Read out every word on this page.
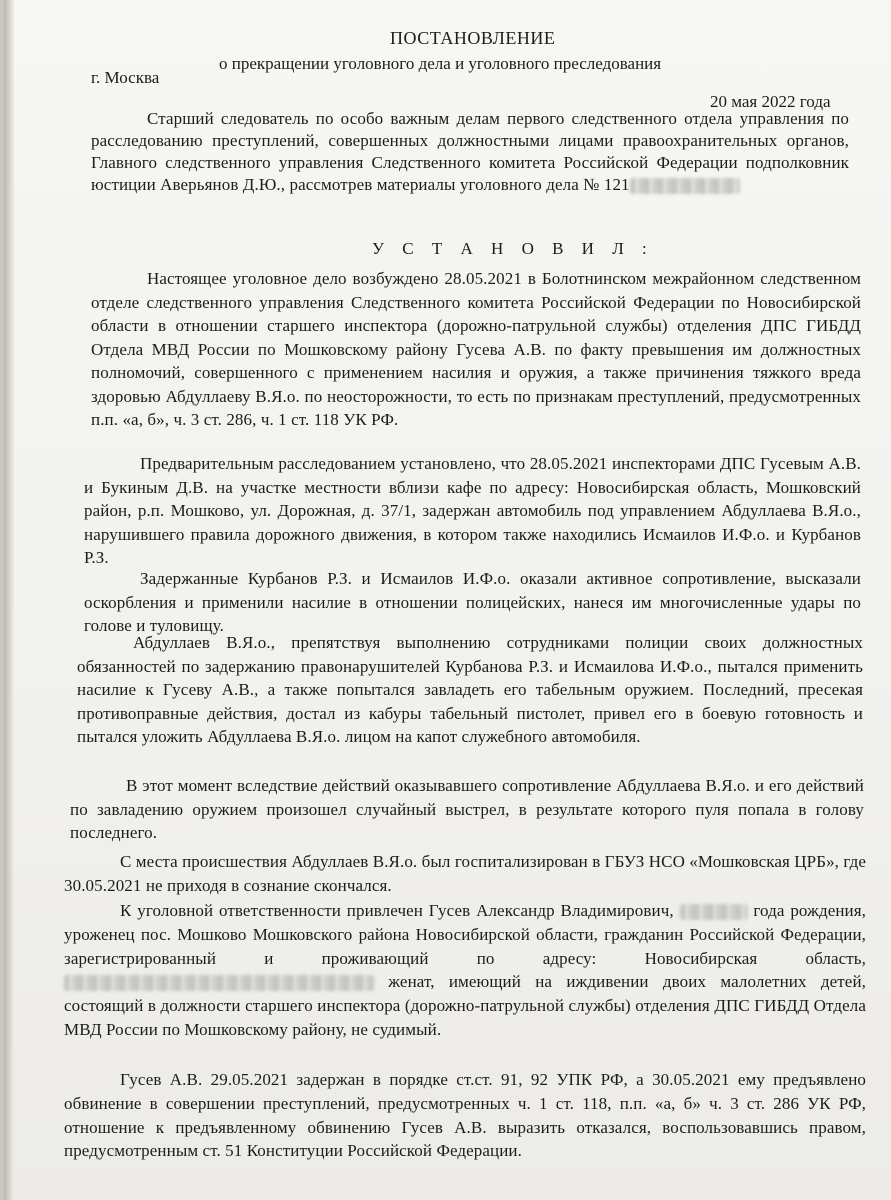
ПОСТАНОВЛЕНИЕ
о прекращении уголовного дела и уголовного преследования
г. Москва
20 мая 2022 года

Старший следователь по особо важным делам первого следственного отдела управления по расследованию преступлений, совершенных должностными лицами правоохранительных органов, Главного следственного управления Следственного комитета Российской Федерации подполковник юстиции Аверьянов Д.Ю., рассмотрев материалы уголовного дела № 121

У С Т А Н О В И Л :

Настоящее уголовное дело возбуждено 28.05.2021 в Болотнинском межрайонном следственном отделе следственного управления Следственного комитета Российской Федерации по Новосибирской области в отношении старшего инспектора (дорожно-патрульной службы) отделения ДПС ГИБДД Отдела МВД России по Мошковскому району Гусева А.В. по факту превышения им должностных полномочий, совершенного с применением насилия и оружия, а также причинения тяжкого вреда здоровью Абдуллаеву В.Я.о. по неосторожности, то есть по признакам преступлений, предусмотренных п.п. «а, б», ч. 3 ст. 286, ч. 1 ст. 118 УК РФ.

Предварительным расследованием установлено, что 28.05.2021 инспекторами ДПС Гусевым А.В. и Букиным Д.В. на участке местности вблизи кафе по адресу: Новосибирская область, Мошковский район, р.п. Мошково, ул. Дорожная, д. 37/1, задержан автомобиль под управлением Абдуллаева В.Я.о., нарушившего правила дорожного движения, в котором также находились Исмаилов И.Ф.о. и Курбанов Р.З.

Задержанные Курбанов Р.З. и Исмаилов И.Ф.о. оказали активное сопротивление, высказали оскорбления и применили насилие в отношении полицейских, нанеся им многочисленные удары по голове и туловищу.

Абдуллаев В.Я.о., препятствуя выполнению сотрудниками полиции своих должностных обязанностей по задержанию правонарушителей Курбанова Р.З. и Исмаилова И.Ф.о., пытался применить насилие к Гусеву А.В., а также попытался завладеть его табельным оружием. Последний, пресекая противоправные действия, достал из кабуры табельный пистолет, привел его в боевую готовность и пытался уложить Абдуллаева В.Я.о. лицом на капот служебного автомобиля.

В этот момент вследствие действий оказывавшего сопротивление Абдуллаева В.Я.о. и его действий по завладению оружием произошел случайный выстрел, в результате которого пуля попала в голову последнего.

С места происшествия Абдуллаев В.Я.о. был госпитализирован в ГБУЗ НСО «Мошковская ЦРБ», где 30.05.2021 не приходя в сознание скончался.

К уголовной ответственности привлечен Гусев Александр Владимирович,	года рождения, уроженец пос. Мошково Мошковского района Новосибирской области, гражданин Российской Федерации, зарегистрированный и проживающий по адресу: Новосибирская область,  женат, имеющий на иждивении двоих малолетних детей, состоящий в должности старшего инспектора (дорожно-патрульной службы) отделения ДПС ГИБДД Отдела МВД России по Мошковскому району, не судимый.

Гусев А.В. 29.05.2021 задержан в порядке ст.ст. 91, 92 УПК РФ, а 30.05.2021 ему предъявлено обвинение в совершении преступлений, предусмотренных ч. 1 ст. 118, п.п. «а, б» ч. 3 ст. 286 УК РФ, отношение к предъявленному обвинению Гусев А.В. выразить отказался, воспользовавшись правом, предусмотренным ст. 51 Конституции Российской Федерации.
